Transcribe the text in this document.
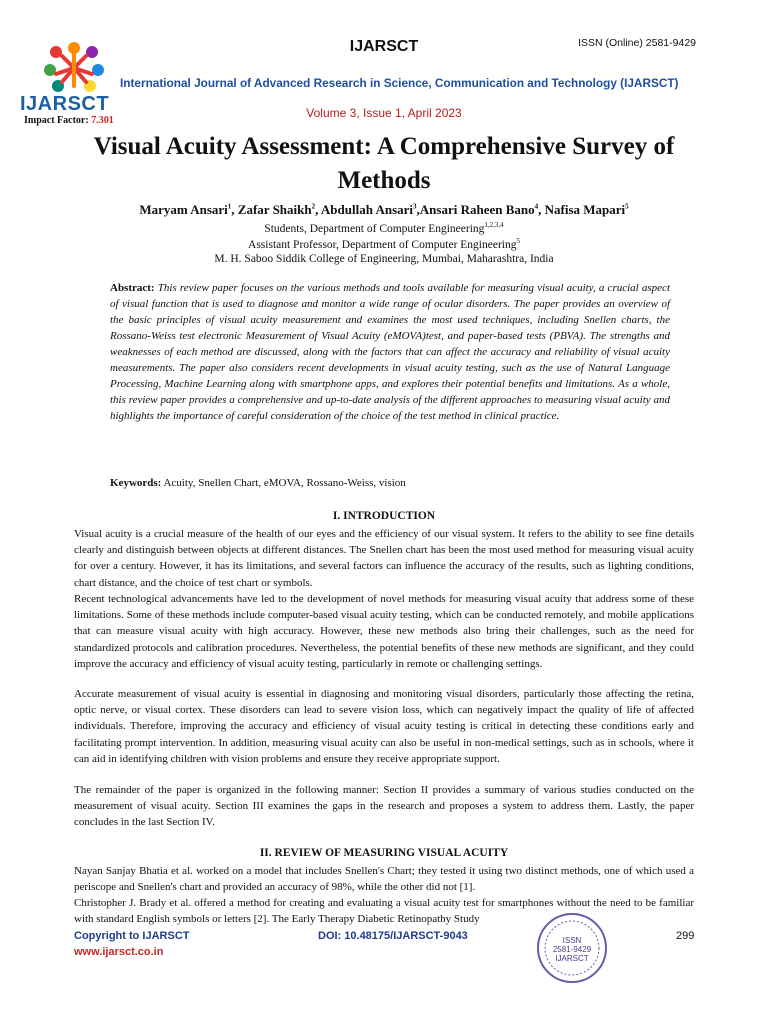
IJARSCT
Impact Factor: 7.301
IJARSCT	ISSN (Online) 2581-9429
International Journal of Advanced Research in Science, Communication and Technology (IJARSCT)
Volume 3, Issue 1, April 2023
Visual Acuity Assessment: A Comprehensive Survey of Methods
Maryam Ansari$^1$, Zafar Shaikh$^2$, Abdullah Ansari$^3$,Ansari Raheen Bano$^4$, Nafisa Mapari$^5$
Students, Department of Computer Engineering$^{1,2,3,4}$
Assistant Professor, Department of Computer Engineering$^5$
M. H. Saboo Siddik College of Engineering, Mumbai, Maharashtra, India
Abstract: This review paper focuses on the various methods and tools available for measuring visual acuity, a crucial aspect of visual function that is used to diagnose and monitor a wide range of ocular disorders. The paper provides an overview of the basic principles of visual acuity measurement and examines the most used techniques, including Snellen charts, the Rossano-Weiss test electronic Measurement of Visual Acuity (eMOVA)test, and paper-based tests (PBVA). The strengths and weaknesses of each method are discussed, along with the factors that can affect the accuracy and reliability of visual acuity measurements. The paper also considers recent developments in visual acuity testing, such as the use of Natural Language Processing, Machine Learning along with smartphone apps, and explores their potential benefits and limitations. As a whole, this review paper provides a comprehensive and up-to-date analysis of the different approaches to measuring visual acuity and highlights the importance of careful consideration of the choice of the test method in clinical practice.
Keywords: Acuity, Snellen Chart, eMOVA, Rossano-Weiss, vision
I. INTRODUCTION
Visual acuity is a crucial measure of the health of our eyes and the efficiency of our visual system. It refers to the ability to see fine details clearly and distinguish between objects at different distances. The Snellen chart has been the most used method for measuring visual acuity for over a century. However, it has its limitations, and several factors can influence the accuracy of the results, such as lighting conditions, chart distance, and the choice of test chart or symbols.
Recent technological advancements have led to the development of novel methods for measuring visual acuity that address some of these limitations. Some of these methods include computer-based visual acuity testing, which can be conducted remotely, and mobile applications that can measure visual acuity with high accuracy. However, these new methods also bring their challenges, such as the need for standardized protocols and calibration procedures. Nevertheless, the potential benefits of these new methods are significant, and they could improve the accuracy and efficiency of visual acuity testing, particularly in remote or challenging settings.
Accurate measurement of visual acuity is essential in diagnosing and monitoring visual disorders, particularly those affecting the retina, optic nerve, or visual cortex. These disorders can lead to severe vision loss, which can negatively impact the quality of life of affected individuals. Therefore, improving the accuracy and efficiency of visual acuity testing is critical in detecting these conditions early and facilitating prompt intervention. In addition, measuring visual acuity can also be useful in non-medical settings, such as in schools, where it can aid in identifying children with vision problems and ensure they receive appropriate support.
The remainder of the paper is organized in the following manner: Section II provides a summary of various studies conducted on the measurement of visual acuity. Section III examines the gaps in the research and proposes a system to address them. Lastly, the paper concludes in the last Section IV.
II. REVIEW OF MEASURING VISUAL ACUITY
Nayan Sanjay Bhatia et al. worked on a model that includes Snellen's Chart; they tested it using two distinct methods, one of which used a periscope and Snellen's chart and provided an accuracy of 98%, while the other did not [1].
Christopher J. Brady et al. offered a method for creating and evaluating a visual acuity test for smartphones without the need to be familiar with standard English symbols or letters [2]. The Early Therapy Diabetic Retinopathy Study
Copyright to IJARSCT
www.ijarsct.co.in
DOI: 10.48175/IJARSCT-9043	299
ISSN
2581-9429
IJARSCT
